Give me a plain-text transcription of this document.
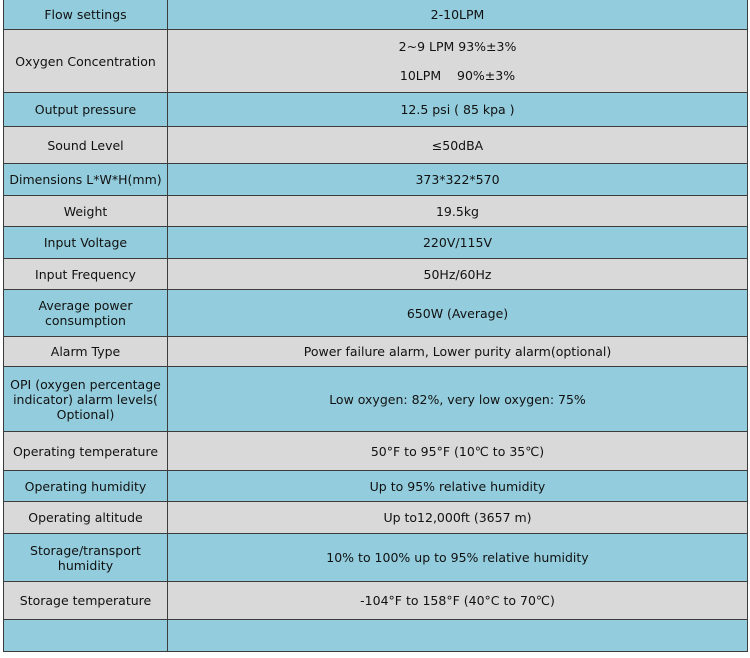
Flow settings	2-10LPM
Oxygen Concentration	2~9 LPM 93%±3%
10LPM    90%±3%

Output pressure	12.5 psi ( 85 kpa )
Sound Level	≤50dBA
Dimensions L*W*H(mm)	373*322*570
Weight	19.5kg
Input Voltage	220V/115V
Input Frequency	50Hz/60Hz
Average power consumption	650W (Average)
Alarm Type	Power failure alarm, Lower purity alarm(optional)
OPI (oxygen percentage indicator) alarm levels( Optional)	Low oxygen: 82%, very low oxygen: 75%
Operating temperature	50°F to 95°F (10℃ to 35℃)
Operating humidity	Up to 95% relative humidity
Operating altitude	Up to12,000ft (3657 m)
Storage/transport humidity	10% to 100% up to 95% relative humidity
Storage temperature	-104°F to 158°F (40°C to 70℃)
